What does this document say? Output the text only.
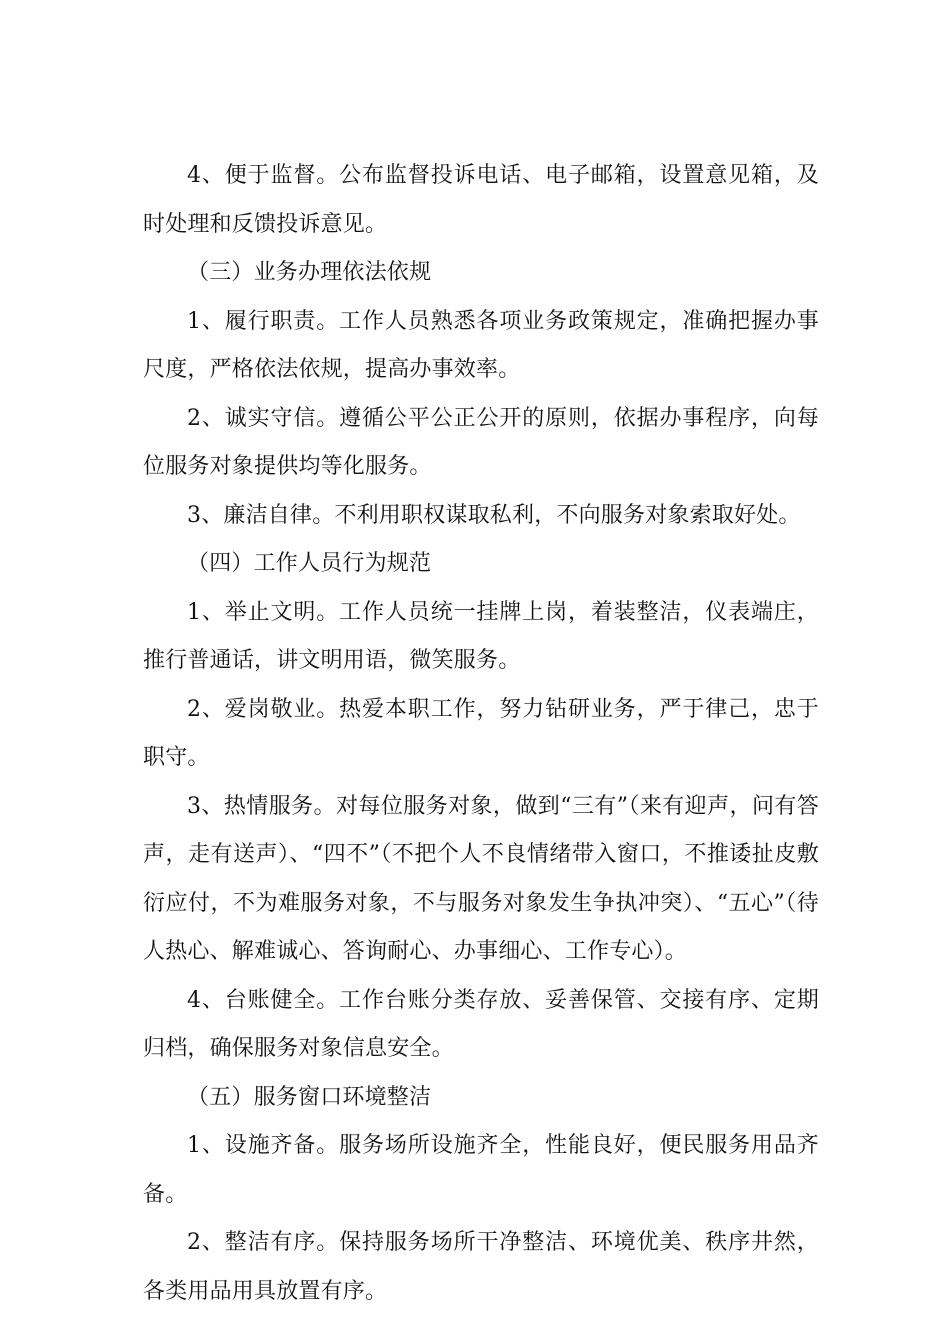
4、便于监督。公布监督投诉电话、电子邮箱，设置意见箱，及时处理和反馈投诉意见。

（三）业务办理依法依规

1、履行职责。工作人员熟悉各项业务政策规定，准确把握办事尺度，严格依法依规，提高办事效率。

2、诚实守信。遵循公平公正公开的原则，依据办事程序，向每位服务对象提供均等化服务。

3、廉洁自律。不利用职权谋取私利，不向服务对象索取好处。

（四）工作人员行为规范

1、举止文明。工作人员统一挂牌上岗，着装整洁，仪表端庄，推行普通话，讲文明用语，微笑服务。

2、爱岗敬业。热爱本职工作，努力钻研业务，严于律己，忠于职守。

3、热情服务。对每位服务对象，做到“三有”（来有迎声，问有答声，走有送声）、“四不”（不把个人不良情绪带入窗口，不推诿扯皮敷衍应付，不为难服务对象，不与服务对象发生争执冲突）、“五心”（待人热心、解难诚心、答询耐心、办事细心、工作专心）。

4、台账健全。工作台账分类存放、妥善保管、交接有序、定期归档，确保服务对象信息安全。

（五）服务窗口环境整洁

1、设施齐备。服务场所设施齐全，性能良好，便民服务用品齐备。

2、整洁有序。保持服务场所干净整洁、环境优美、秩序井然，各类用品用具放置有序。
